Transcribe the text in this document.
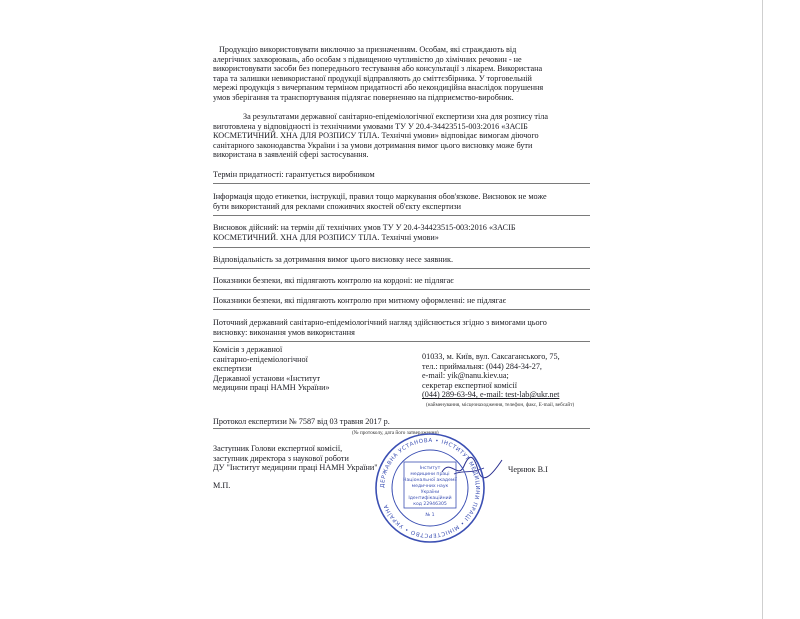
Продукцію використовувати виключно за призначенням. Особам, які страждають від
алергічних захворювань, або особам з підвищеною чутливістю до хімічних речовин - не
використовувати засоби без попереднього тестування або консультації з лікарем. Використана
тара та залишки невикористаної продукції відправляють до сміттєзбірника. У торговельній
мережі продукція з вичерпаним терміном придатності або некондиційна внаслідок порушення
умов зберігання та транспортування підлягає поверненню на підприємство-виробник.
За результатами державної санітарно-епідеміологічної експертизи хна для розпису тіла
виготовлена у відповідності із технічними умовами ТУ У 20.4-34423515-003:2016 «ЗАСІБ
КОСМЕТИЧНИЙ. ХНА ДЛЯ РОЗПИСУ ТІЛА. Технічні умови» відповідає вимогам діючого
санітарного законодавства України і за умови дотримання вимог цього висновку може бути
використана в заявленій сфері застосування.
Термін придатності: гарантується виробником
Інформація щодо етикетки, інструкції, правил тощо маркування обов'язкове. Висновок не може
бути використаний для реклами споживчих якостей об'єкту експертизи
Висновок дійсний: на термін дії технічних умов ТУ У 20.4-34423515-003:2016 «ЗАСІБ
КОСМЕТИЧНИЙ. ХНА ДЛЯ РОЗПИСУ ТІЛА. Технічні умови»
Відповідальність за дотримання вимог цього висновку несе заявник.
Показники безпеки, які підлягають контролю на кордоні: не підлягає
Показники безпеки, які підлягають контролю при митному оформленні: не підлягає
Поточний державний санітарно-епідеміологічний нагляд здійснюється згідно з вимогами цього
висновку: виконання умов використання
Комісія з державної
санітарно-епідеміологічної
експертизи
Державної установи «Інститут
медицини праці НАМН України»
01033, м. Київ, вул. Саксаганського, 75,
тел.: приймальня: (044) 284-34-27,
e-mail: yik@nanu.kiev.ua;
секретар експертної комісії
(044) 289-63-94, e-mail: test-lab@ukr.net
(найменування, місцезнаходження, телефон, факс, E-mail, вебсайт)
Протокол експертизи № 7587 від 03 травня 2017 р.
(№ протоколу, дата його затвердження)
Заступник Голови експертної комісії,
заступник директора з наукової роботи
ДУ "Інститут медицини праці НАМН України"	Чернюк В.І
М.П.	ДЕРЖАВНА УСТАНОВА • ІНСТИТУТ МЕДИЦИНИ ПРАЦІ • МІНІСТЕРСТВО • УКРАЇНА
Інститут
медицини праці
Національної академії
медичних наук
України
Ідентифікаційний
код 22946305
№ 1
